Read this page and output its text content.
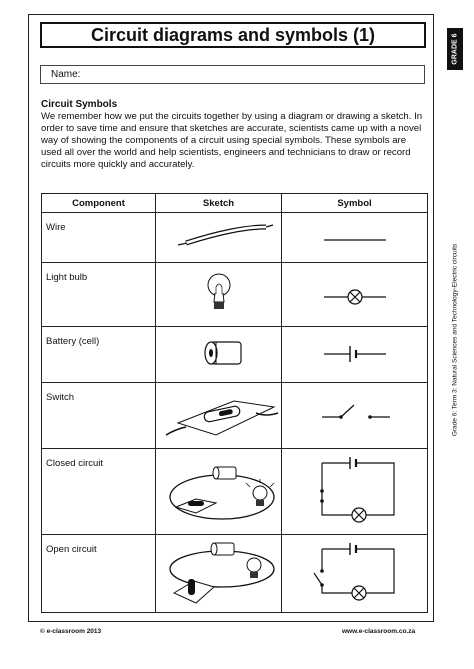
Circuit diagrams and symbols (1)	GRADE 6
Grade 6: Term 3: Natural Sciences and Technology-Electric circuits
Name:
Circuit Symbols
We remember how we put the circuits together by using a diagram or drawing a sketch. In order to save time and ensure that sketches are accurate, scientists came up with a novel way of showing the components of a circuit using special symbols. These symbols are used all over the world and help scientists, engineers and technicians to draw or record circuits more quickly and accurately.
Component	Sketch	Symbol

Wire

Light bulb

Battery (cell)

Switch

Closed circuit

Open circuit

© e-classroom 2013	www.e-classroom.co.za
